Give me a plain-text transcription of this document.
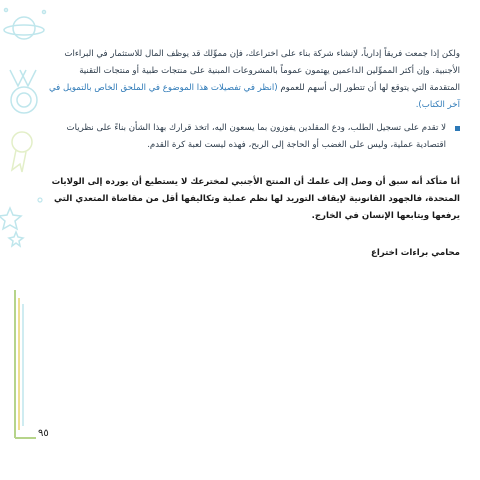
ولكن إذا جمعت فريقاً إدارياً، لإنشاء شركة بناء على اختراعك، فإن مموِّلك قد يوظف المال للاستثمار في البراءات الأجنبية. وإن أكثر المموِّلين الداعمين يهتمون عموماً بالمشروعات المبنية على منتجات طبية أو منتجات التقنية المتقدمة التي يتوقع لها أن تتطور إلى أسهم للعموم (انظر في تفصيلات هذا الموضوع في الملحق الخاص بالتمويل في آخر الكتاب).

لا تقدم على تسجيل الطلب، ودع المقلدين يفوزون بما يسعون اليه، اتخذ قرارك بهذا الشأن بناءً على نظريات اقتصادية عملية، وليس على الغضب أو الحاجة إلى الربح، فهذه ليست لعبة كرة القدم.

أنا متأكد أنه سبق أن وصل إلى علمك أن المنتج الأجنبي لمخترعك لا يستطيع أن يورده إلى الولايات المتحدة، فالجهود القانونية لإيقاف التوريد لها نظم عملية وتكاليفها أقل من مقاضاة المتعدي التي يرفعها ويتابعها الإنسان في الخارج.

محامي براءات اختراع

٩٥
